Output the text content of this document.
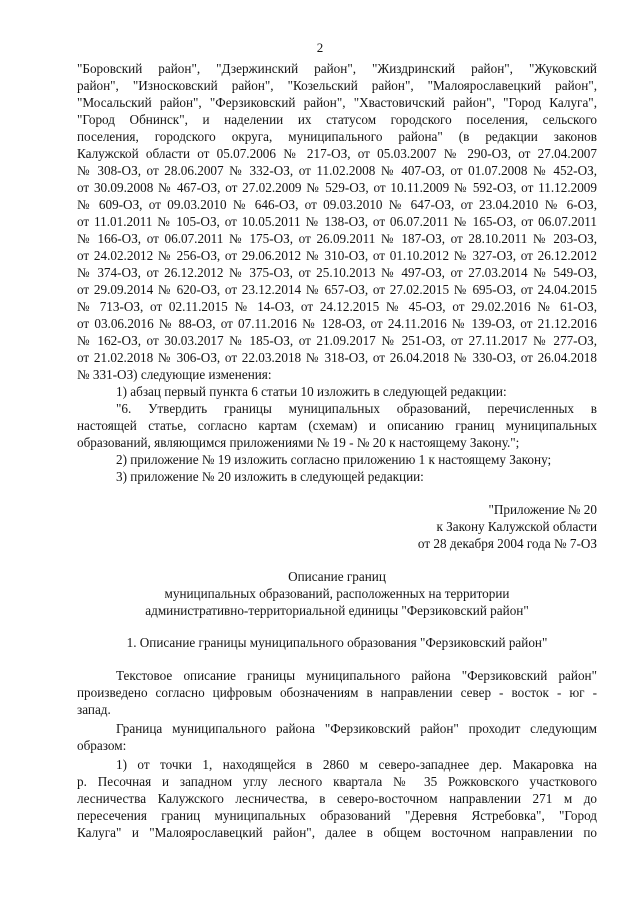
2
"Боровский район", "Дзержинский район", "Жиздринский район", "Жуковский
район", "Износковский район", "Козельский район", "Малоярославецкий район",
"Мосальский район", "Ферзиковский район", "Хвастовичский район", "Город Калуга",
"Город Обнинск", и наделении их статусом городского поселения, сельского
поселения, городского округа, муниципального района" (в редакции законов
Калужской области от 05.07.2006 № 217-ОЗ, от 05.03.2007 № 290-ОЗ, от 27.04.2007
№ 308-ОЗ, от 28.06.2007 № 332-ОЗ, от 11.02.2008 № 407-ОЗ, от 01.07.2008 № 452-ОЗ,
от 30.09.2008 № 467-ОЗ, от 27.02.2009 № 529-ОЗ, от 10.11.2009 № 592-ОЗ, от 11.12.2009
№ 609-ОЗ, от 09.03.2010 № 646-ОЗ, от 09.03.2010 № 647-ОЗ, от 23.04.2010 № 6-ОЗ,
от 11.01.2011 № 105-ОЗ, от 10.05.2011 № 138-ОЗ, от 06.07.2011 № 165-ОЗ, от 06.07.2011
№ 166-ОЗ, от 06.07.2011 № 175-ОЗ, от 26.09.2011 № 187-ОЗ, от 28.10.2011 № 203-ОЗ,
от 24.02.2012 № 256-ОЗ, от 29.06.2012 № 310-ОЗ, от 01.10.2012 № 327-ОЗ, от 26.12.2012
№ 374-ОЗ, от 26.12.2012 № 375-ОЗ, от 25.10.2013 № 497-ОЗ, от 27.03.2014 № 549-ОЗ,
от 29.09.2014 № 620-ОЗ, от 23.12.2014 № 657-ОЗ, от 27.02.2015 № 695-ОЗ, от 24.04.2015
№ 713-ОЗ, от 02.11.2015 № 14-ОЗ, от 24.12.2015 № 45-ОЗ, от 29.02.2016 № 61-ОЗ,
от 03.06.2016 № 88-ОЗ, от 07.11.2016 № 128-ОЗ, от 24.11.2016 № 139-ОЗ, от 21.12.2016
№ 162-ОЗ, от 30.03.2017 № 185-ОЗ, от 21.09.2017 № 251-ОЗ, от 27.11.2017 № 277-ОЗ,
от 21.02.2018 № 306-ОЗ, от 22.03.2018 № 318-ОЗ, от 26.04.2018 № 330-ОЗ, от 26.04.2018
№ 331-ОЗ) следующие изменения:
1) абзац первый пункта 6 статьи 10 изложить в следующей редакции:
"6. Утвердить границы муниципальных образований, перечисленных в
настоящей статье, согласно картам (схемам) и описанию границ муниципальных
образований, являющимся приложениями № 19 - № 20 к настоящему Закону.";
2) приложение № 19 изложить согласно приложению 1 к настоящему Закону;
3) приложение № 20 изложить в следующей редакции:
"Приложение № 20
к Закону Калужской области
от 28 декабря 2004 года № 7-ОЗ
Описание границ
муниципальных образований, расположенных на территории
административно-территориальной единицы "Ферзиковский район"
1. Описание границы муниципального образования "Ферзиковский район"
Текстовое описание границы муниципального района "Ферзиковский район"
произведено согласно цифровым обозначениям в направлении север - восток - юг -
запад.
Граница муниципального района "Ферзиковский район" проходит следующим
образом:
1) от точки 1, находящейся в 2860 м северо-западнее дер. Макаровка на
р. Песочная и западном углу лесного квартала № 35 Рожковского участкового
лесничества Калужского лесничества, в северо-восточном направлении 271 м до
пересечения границ муниципальных образований "Деревня Ястребовка", "Город
Калуга" и "Малоярославецкий район", далее в общем восточном направлении по
